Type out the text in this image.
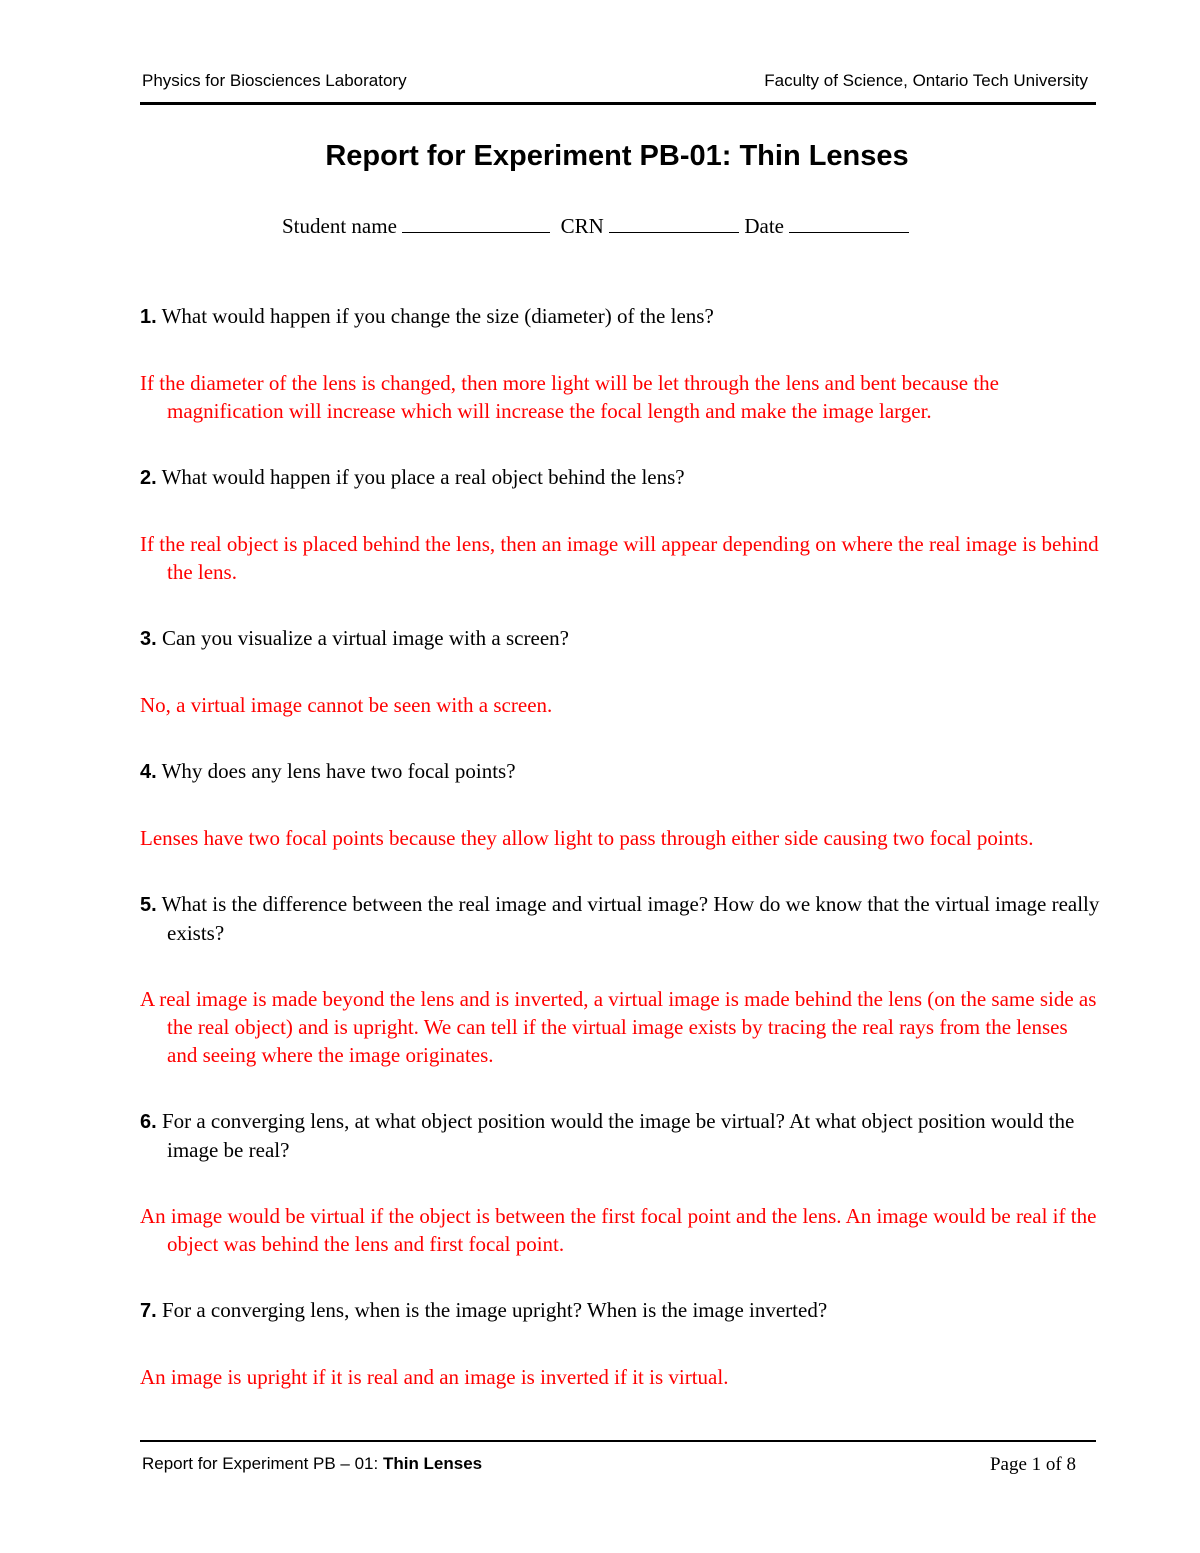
Physics for Biosciences Laboratory	Faculty of Science, Ontario Tech University
Report for Experiment PB-01: Thin Lenses
Student name	CRN	Date

1. What would happen if you change the size (diameter) of the lens?

If the diameter of the lens is changed, then more light will be let through the lens and bent because the magnification will increase which will increase the focal length and make the image larger.

2. What would happen if you place a real object behind the lens?

If the real object is placed behind the lens, then an image will appear depending on where the real image is behind the lens.

3. Can you visualize a virtual image with a screen?

No, a virtual image cannot be seen with a screen.

4. Why does any lens have two focal points?

Lenses have two focal points because they allow light to pass through either side causing two focal points.

5. What is the difference between the real image and virtual image? How do we know that the virtual image really exists?

A real image is made beyond the lens and is inverted, a virtual image is made behind the lens (on the same side as the real object) and is upright. We can tell if the virtual image exists by tracing the real rays from the lenses and seeing where the image originates.

6. For a converging lens, at what object position would the image be virtual? At what object position would the image be real?

An image would be virtual if the object is between the first focal point and the lens. An image would be real if the object was behind the lens and first focal point.

7. For a converging lens, when is the image upright? When is the image inverted?

An image is upright if it is real and an image is inverted if it is virtual.

Report for Experiment PB – 01: Thin Lenses	Page 1 of 8
